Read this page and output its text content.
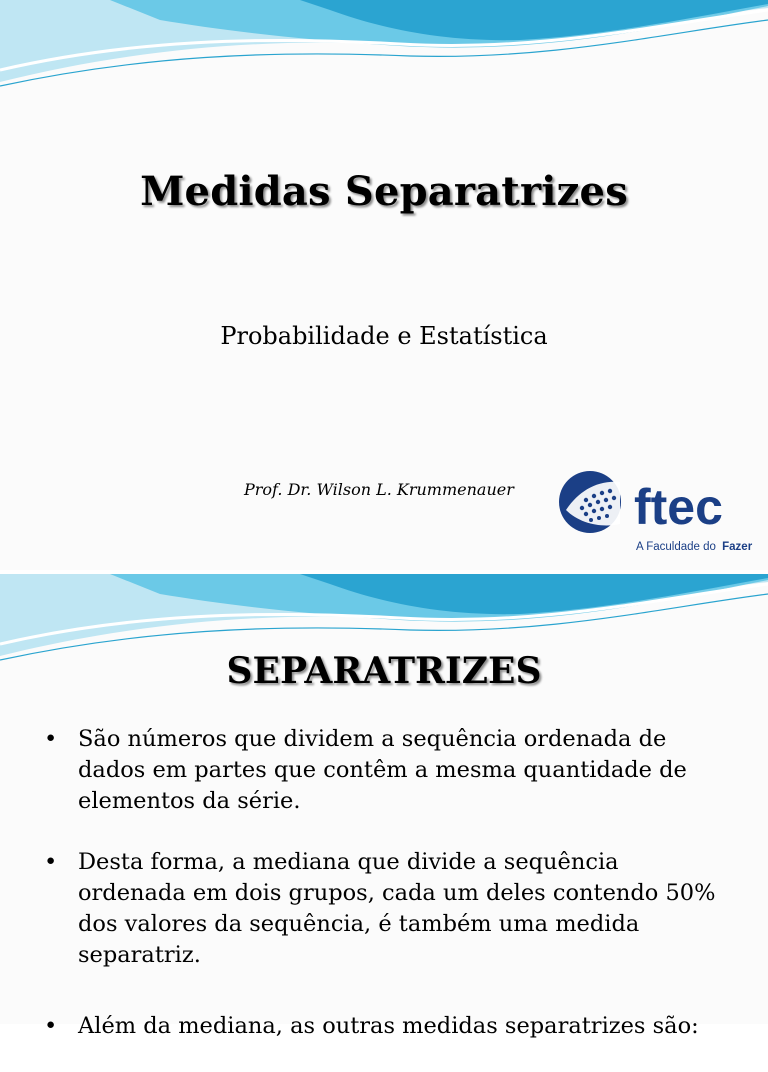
Medidas Separatrizes
Probabilidade e Estatística
Prof. Dr. Wilson L. Krummenauer ftec
A Faculdade do Fazer
SEPARATRIZES
• São números que dividem a sequência ordenada de dados em partes que contêm a mesma quantidade de elementos da série.
• Desta forma, a mediana que divide a sequência ordenada em dois grupos, cada um deles contendo 50% dos valores da sequência, é também uma medida separatriz.
• Além da mediana, as outras medidas separatrizes são:
